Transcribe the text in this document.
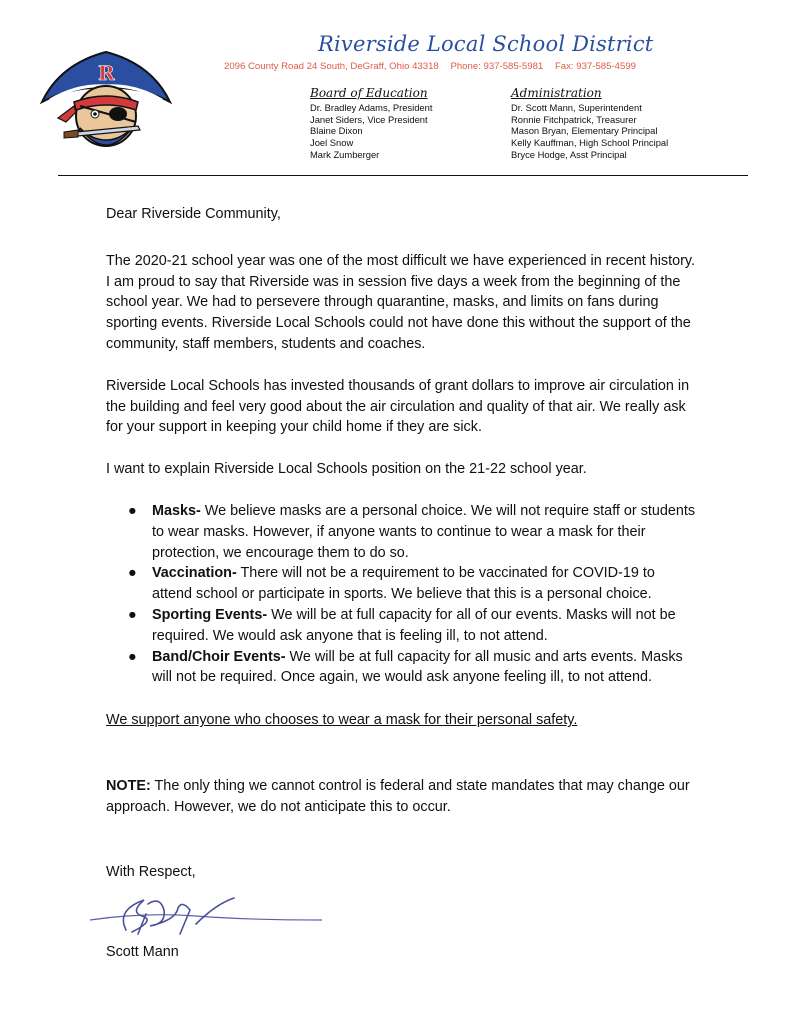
R
Riverside Local School District
2096 County Road 24 South, DeGraff, Ohio 43318 Phone: 937-585-5981 Fax: 937-585-4599
Board of Education
Dr. Bradley Adams, President
Janet Siders, Vice President
Blaine Dixon
Joel Snow
Mark Zumberger
Administration
Dr. Scott Mann, Superintendent
Ronnie Fitchpatrick, Treasurer
Mason Bryan, Elementary Principal
Kelly Kauffman, High School Principal
Bryce Hodge, Asst Principal

Dear Riverside Community,

The 2020-21 school year was one of the most difficult we have experienced in recent history. I am proud to say that Riverside was in session five days a week from the beginning of the school year. We had to persevere through quarantine, masks, and limits on fans during sporting events. Riverside Local Schools could not have done this without the support of the community, staff members, students and coaches.

Riverside Local Schools has invested thousands of grant dollars to improve air circulation in the building and feel very good about the air circulation and quality of that air. We really ask for your support in keeping your child home if they are sick.

I want to explain Riverside Local Schools position on the 21-22 school year.

● Masks- We believe masks are a personal choice. We will not require staff or students to wear masks. However, if anyone wants to continue to wear a mask for their protection, we encourage them to do so.
● Vaccination- There will not be a requirement to be vaccinated for COVID-19 to attend school or participate in sports. We believe that this is a personal choice.
● Sporting Events- We will be at full capacity for all of our events. Masks will not be required. We would ask anyone that is feeling ill, to not attend.
● Band/Choir Events- We will be at full capacity for all music and arts events. Masks will not be required. Once again, we would ask anyone feeling ill, to not attend.

We support anyone who chooses to wear a mask for their personal safety.

NOTE: The only thing we cannot control is federal and state mandates that may change our approach. However, we do not anticipate this to occur.

With Respect,

Scott Mann
